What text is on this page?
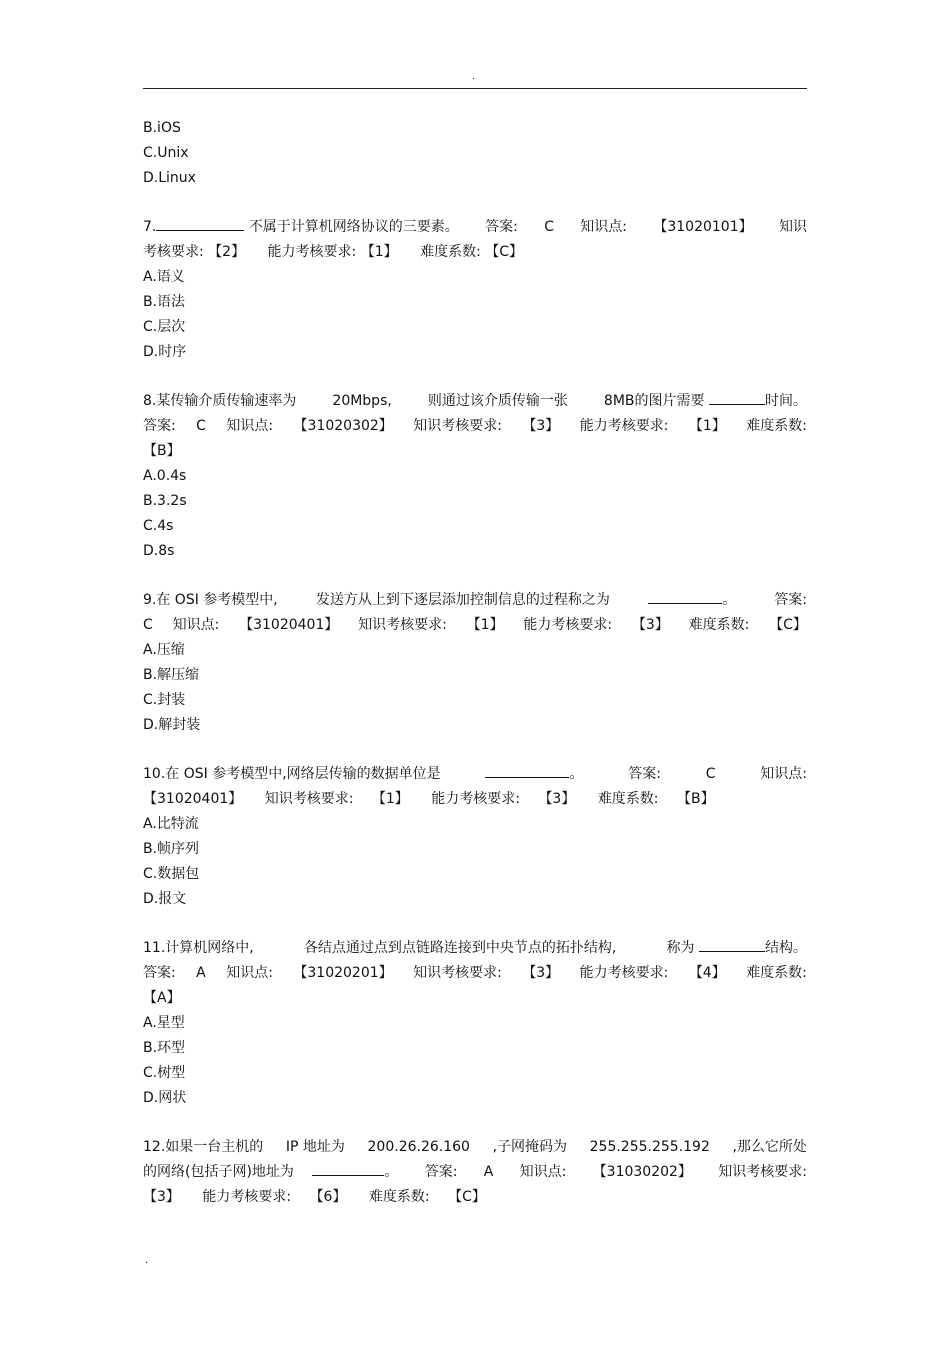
.
B.iOS
C.Unix
D.Linux
7.	不属于计算机网络协议的三要素。 答案: C 知识点: 【31020101】 知识
考核要求: 【2】 能力考核要求: 【1】 难度系数: 【C】
A.语义
B.语法
C.层次
D.时序
8.某传输介质传输速率为	20Mbps,	则通过该介质传输一张	8MB的图片需要	时间。
答案: C 知识点: 【31020302】 知识考核要求: 【3】 能力考核要求: 【1】 难度系数:
【B】
A.0.4s
B.3.2s
C.4s
D.8s
9.在 OSI 参考模型中,	发送方从上到下逐层添加控制信息的过程称之为	。	答案:
C 知识点: 【31020401】 知识考核要求: 【1】 能力考核要求: 【3】 难度系数: 【C】
A.压缩
B.解压缩
C.封装
D.解封装
10.在 OSI 参考模型中,网络层传输的数据单位是	。	答案:	C	知识点:
【31020401】 知识考核要求: 【1】 能力考核要求: 【3】 难度系数: 【B】
A.比特流
B.帧序列
C.数据包
D.报文
11.计算机网络中,	各结点通过点到点链路连接到中央节点的拓扑结构,	称为	结构。
答案: A 知识点: 【31020201】 知识考核要求: 【3】 能力考核要求: 【4】 难度系数:
【A】
A.星型
B.环型
C.树型
D.网状
12.如果一台主机的 IP 地址为 200.26.26.160 ,子网掩码为 255.255.255.192 ,那么它所处
的网络(包括子网)地址为	。 答案: A 知识点: 【31030202】 知识考核要求:
【3】 能力考核要求: 【6】 难度系数: 【C】
.
